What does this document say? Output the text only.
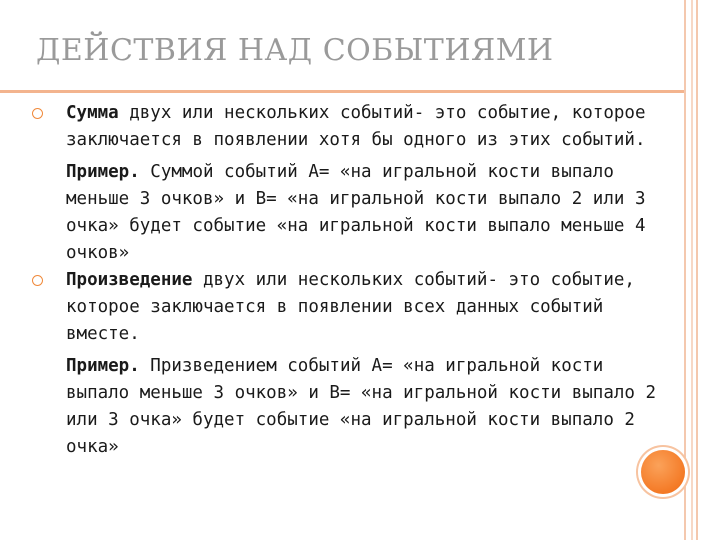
ДЕЙСТВИЯ НАД СОБЫТИЯМИ

Сумма двух или нескольких событий- это событие, которое заключается в появлении хотя бы одного из этих событий.

Пример. Суммой событий А= «на игральной кости выпало меньше 3 очков» и В= «на игральной кости выпало 2 или 3 очка» будет событие «на игральной кости выпало меньше 4 очков»

Произведение двух или нескольких событий- это событие, которое заключается в появлении всех данных событий вместе.

Пример. Призведением событий А= «на игральной кости выпало меньше 3 очков» и В= «на игральной кости выпало 2 или 3 очка» будет событие «на игральной кости выпало 2 очка»
